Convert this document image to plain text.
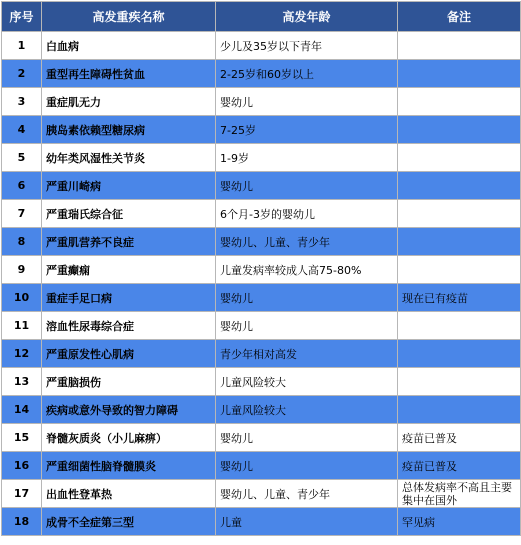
序号	高发重疾名称	高发年龄	备注
1	白血病	少儿及35岁以下青年	
2	重型再生障碍性贫血	2-25岁和60岁以上	
3	重症肌无力	婴幼儿	
4	胰岛素依赖型糖尿病	7-25岁	
5	幼年类风湿性关节炎	1-9岁	
6	严重川崎病	婴幼儿	
7	严重瑞氏综合征	6个月-3岁的婴幼儿	
8	严重肌营养不良症	婴幼儿、儿童、青少年	
9	严重癫痫	儿童发病率较成人高75-80%	
10	重症手足口病	婴幼儿	现在已有疫苗
11	溶血性尿毒综合症	婴幼儿	
12	严重原发性心肌病	青少年相对高发	
13	严重脑损伤	儿童风险较大	
14	疾病或意外导致的智力障碍	儿童风险较大	
15	脊髓灰质炎（小儿麻痹）	婴幼儿	疫苗已普及
16	严重细菌性脑脊髓膜炎	婴幼儿	疫苗已普及
17	出血性登革热	婴幼儿、儿童、青少年	总体发病率不高且主要集中在国外
18	成骨不全症第三型	儿童	罕见病
